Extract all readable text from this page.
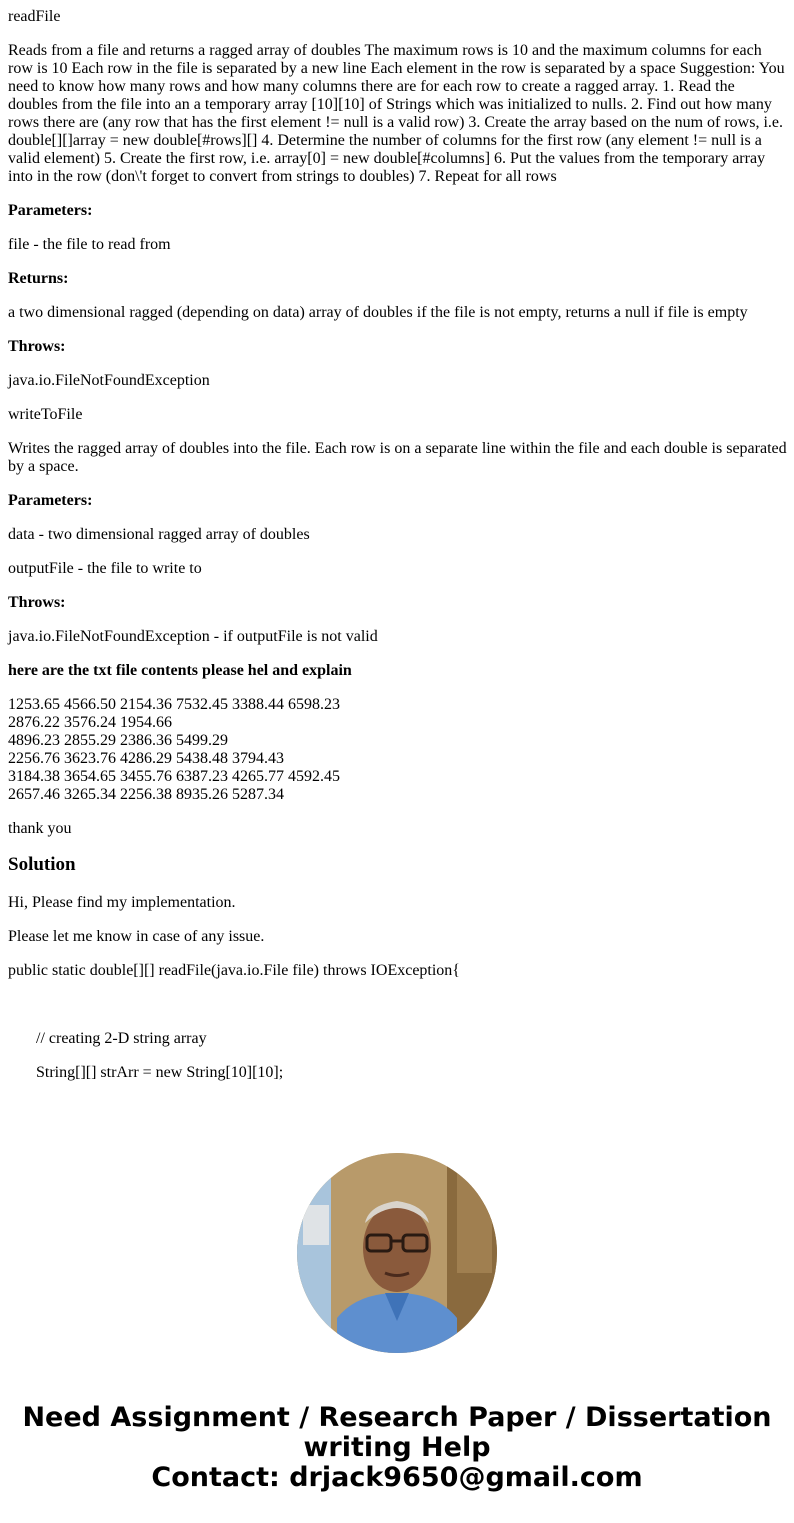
readFile

Reads from a file and returns a ragged array of doubles The maximum rows is 10 and the maximum columns for each row is 10 Each row in the file is separated by a new line Each element in the row is separated by a space Suggestion: You need to know how many rows and how many columns there are for each row to create a ragged array. 1. Read the doubles from the file into an a temporary array [10][10] of Strings which was initialized to nulls. 2. Find out how many rows there are (any row that has the first element != null is a valid row) 3. Create the array based on the num of rows, i.e. double[][]array = new double[#rows][] 4. Determine the number of columns for the first row (any element != null is a valid element) 5. Create the first row, i.e. array[0] = new double[#columns] 6. Put the values from the temporary array into in the row (don\'t forget to convert from strings to doubles) 7. Repeat for all rows

Parameters:

file - the file to read from

Returns:

a two dimensional ragged (depending on data) array of doubles if the file is not empty, returns a null if file is empty

Throws:

java.io.FileNotFoundException

writeToFile

Writes the ragged array of doubles into the file. Each row is on a separate line within the file and each double is separated by a space.

Parameters:

data - two dimensional ragged array of doubles

outputFile - the file to write to

Throws:

java.io.FileNotFoundException - if outputFile is not valid

here are the txt file contents please hel and explain

1253.65 4566.50 2154.36 7532.45 3388.44 6598.23
2876.22 3576.24 1954.66
4896.23 2855.29 2386.36 5499.29
2256.76 3623.76 4286.29 5438.48 3794.43
3184.38 3654.65 3455.76 6387.23 4265.77 4592.45
2657.46 3265.34 2256.38 8935.26 5287.34

thank you

Solution

Hi, Please find my implementation.

Please let me know in case of any issue.

public static double[][] readFile(java.io.File file) throws IOException{

// creating 2-D string array

String[][] strArr = new String[10][10];

Need Assignment / Research Paper / Dissertation
writing Help
Contact: drjack9650@gmail.com
